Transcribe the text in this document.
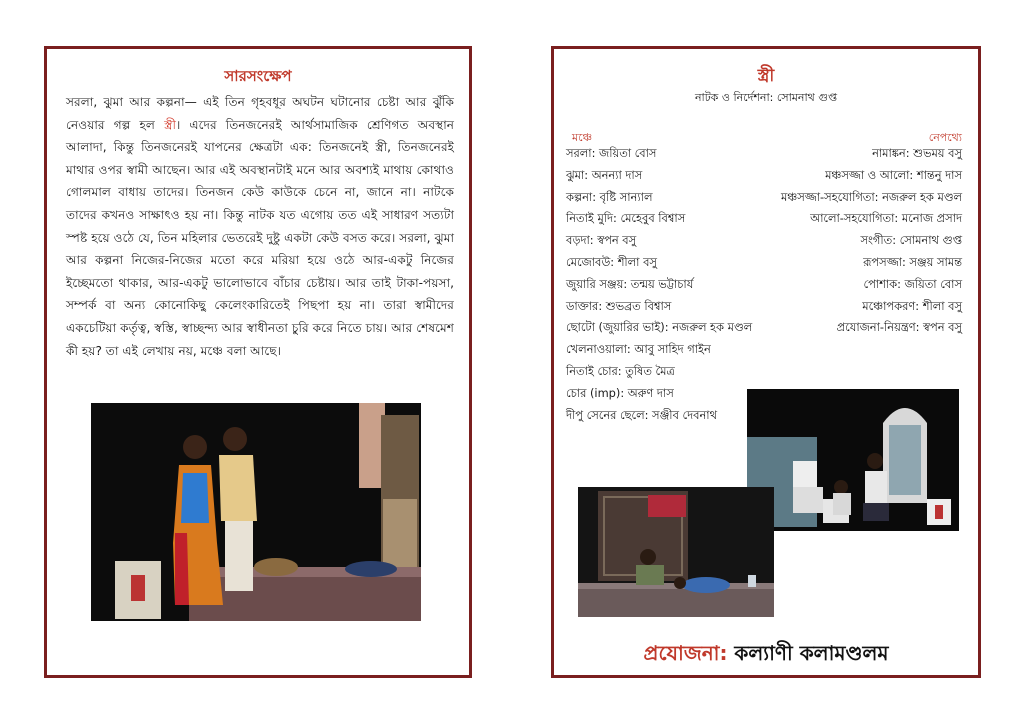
সারসংক্ষেপ

সরলা, ঝুমা আর কল্পনা— এই তিন গৃহবধূর অঘটন ঘটানোর চেষ্টা আর ঝুঁকি নেওয়ার গল্প হল স্ত্রী। এদের তিনজনেরই আর্থসামাজিক শ্রেণিগত অবস্থান আলাদা, কিন্তু তিনজনেরই যাপনের ক্ষেত্রটা এক: তিনজনেই স্ত্রী, তিনজনেরই মাথার ওপর স্বামী আছেন। আর এই অবস্থানটাই মনে আর অবশ্যই মাথায় কোথাও গোলমাল বাধায় তাদের। তিনজন কেউ কাউকে চেনে না, জানে না। নাটকে তাদের কখনও সাক্ষাৎও হয় না। কিন্তু নাটক যত এগোয় তত এই সাধারণ সত্যটা স্পষ্ট হয়ে ওঠে যে, তিন মহিলার ভেতরেই দুষ্টু একটা কেউ বসত করে। সরলা, ঝুমা আর কল্পনা নিজের-নিজের মতো করে মরিয়া হয়ে ওঠে আর-একটু নিজের ইচ্ছেমতো থাকার, আর-একটু ভালোভাবে বাঁচার চেষ্টায়। আর তাই টাকা-পয়সা, সম্পর্ক বা অন্য কোনোকিছু কেলেংকারিতেই পিছপা হয় না। তারা স্বামীদের একচেটিয়া কর্তৃত্ব, স্বস্তি, স্বাচ্ছন্দ্য আর স্বাধীনতা চুরি করে নিতে চায়। আর শেষমেশ কী হয়? তা এই লেখায় নয়, মঞ্চে বলা আছে।

স্ত্রী
নাটক ও নির্দেশনা: সোমনাথ গুপ্ত
মঞ্চে	নেপথ্যে
সরলা: জয়িতা বোস
ঝুমা: অনন্যা দাস
কল্পনা: বৃষ্টি সান্যাল
নিতাই মুদি: মেহেবুব বিশ্বাস
বড়দা: স্বপন বসু
মেজোবউ: শীলা বসু
জুয়ারি সঞ্জয়: তন্ময় ভট্টাচার্য
ডাক্তার: শুভব্রত বিশ্বাস
ছোটো (জুয়ারির ভাই): নজরুল হক মণ্ডল
খেলনাওয়ালা: আবু সাহিদ গাইন
নিতাই চোর: তুষিত মৈত্র
চোর (imp): অরুণ দাস
দীপু সেনের ছেলে: সঞ্জীব দেবনাথ
নামাঙ্কন: শুভময় বসু
মঞ্চসজ্জা ও আলো: শান্তনু দাস
মঞ্চসজ্জা-সহযোগিতা: নজরুল হক মণ্ডল
আলো-সহযোগিতা: মনোজ প্রসাদ
সংগীত: সোমনাথ গুপ্ত
রূপসজ্জা: সঞ্জয় সামন্ত
পোশাক: জয়িতা বোস
মঞ্চোপকরণ: শীলা বসু
প্রযোজনা-নিয়ন্ত্রণ: স্বপন বসু
প্রযোজনা: কল্যাণী কলামণ্ডলম
